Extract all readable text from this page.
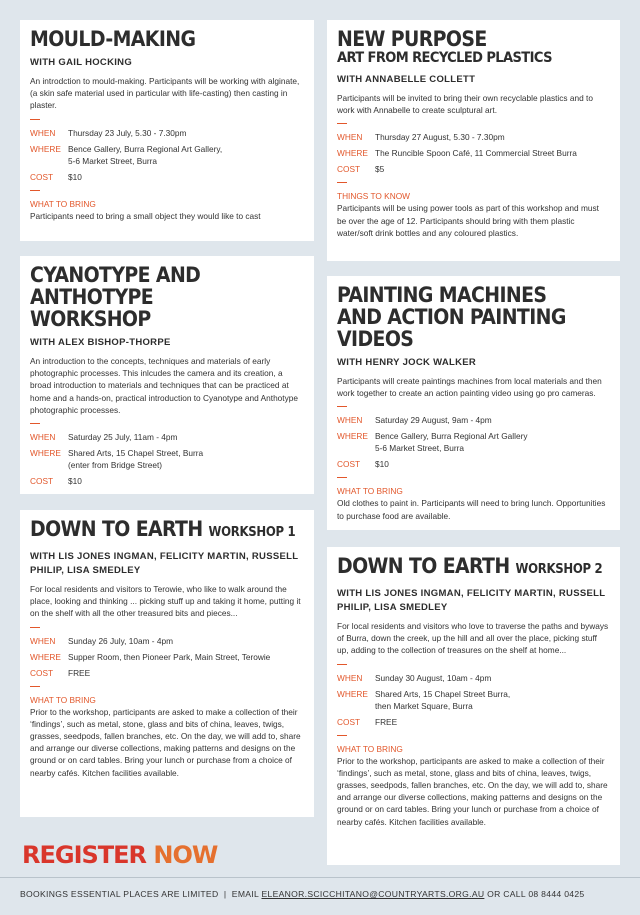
MOULD-MAKING
WITH GAIL HOCKING
An introdction to mould-making. Participants will be working with alginate, (a skin safe material used in particular with life-casting) then casting in plaster.
WHEN	Thursday 23 July, 5.30 - 7.30pm
WHERE Bence Gallery, Burra Regional Art Gallery,
5-6 Market Street, Burra
COST	$10
WHAT TO BRING
Participants need to bring a small object they would like to cast
NEW PURPOSE
ART FROM RECYCLED PLASTICS
WITH ANNABELLE COLLETT
Participants will be invited to bring their own recyclable plastics and to work with Annabelle to create sculptural art.
WHEN	Thursday 27 August, 5.30 - 7.30pm
WHERE The Runcible Spoon Café, 11 Commercial Street Burra
COST	$5
THINGS TO KNOW
Participants will be using power tools as part of this workshop and must be over the age of 12. Participants should bring with them plastic water/soft drink bottles and any coloured plastics.
CYANOTYPE AND ANTHOTYPE WORKSHOP
WITH ALEX BISHOP-THORPE
An introduction to the concepts, techniques and materials of early photographic processes. This inlcudes the camera and its creation, a broad introduction to materials and techniques that can be practiced at home and a hands-on, practical introduction to Cyanotype and Anthotype photographic processes.
WHEN	Saturday 25 July, 11am - 4pm
WHERE Shared Arts, 15 Chapel Street, Burra
(enter from Bridge Street)
COST	$10
PAINTING MACHINES AND ACTION PAINTING VIDEOS
WITH HENRY JOCK WALKER
Participants will create paintings machines from local materials and then work together to create an action painting video using go pro cameras.
WHEN	Saturday 29 August, 9am - 4pm
WHERE Bence Gallery, Burra Regional Art Gallery
5-6 Market Street, Burra
COST	$10
WHAT TO BRING
Old clothes to paint in. Participants will need to bring lunch. Opportunities to purchase food are available.
DOWN TO EARTH WORKSHOP 1
WITH LIS JONES INGMAN, FELICITY MARTIN, RUSSELL PHILIP, LISA SMEDLEY
For local residents and visitors to Terowie, who like to walk around the place, looking and thinking ... picking stuff up and taking it home, putting it on the shelf with all the other treasured bits and pieces...
WHEN	Sunday 26 July, 10am - 4pm
WHERE Supper Room, then Pioneer Park, Main Street, Terowie
COST	FREE
WHAT TO BRING
Prior to the workshop, participants are asked to make a collection of their ‘findings’, such as metal, stone, glass and bits of china, leaves, twigs, grasses, seedpods, fallen branches, etc. On the day, we will add to, share and arrange our diverse collections, making patterns and designs on the ground or on card tables. Bring your lunch or purchase from a choice of nearby cafés. Kitchen facilities available.
DOWN TO EARTH WORKSHOP 2
WITH LIS JONES INGMAN, FELICITY MARTIN, RUSSELL PHILIP, LISA SMEDLEY
For local residents and visitors who love to traverse the paths and byways of Burra, down the creek, up the hill and all over the place, picking stuff up, adding to the collection of treasures on the shelf at home...
WHEN	Sunday 30 August, 10am - 4pm
WHERE Shared Arts, 15 Chapel Street Burra,
then Market Square, Burra
COST	FREE
WHAT TO BRING
Prior to the workshop, participants are asked to make a collection of their ‘findings’, such as metal, stone, glass and bits of china, leaves, twigs, grasses, seedpods, fallen branches, etc. On the day, we will add to, share and arrange our diverse collections, making patterns and designs on the ground or on card tables. Bring your lunch or purchase from a choice of nearby cafés. Kitchen facilities available.
REGISTER NOW
BOOKINGS ESSENTIAL PLACES ARE LIMITED | EMAIL ELEANOR.SCICCHITANO@COUNTRYARTS.ORG.AU OR CALL 08 8444 0425
